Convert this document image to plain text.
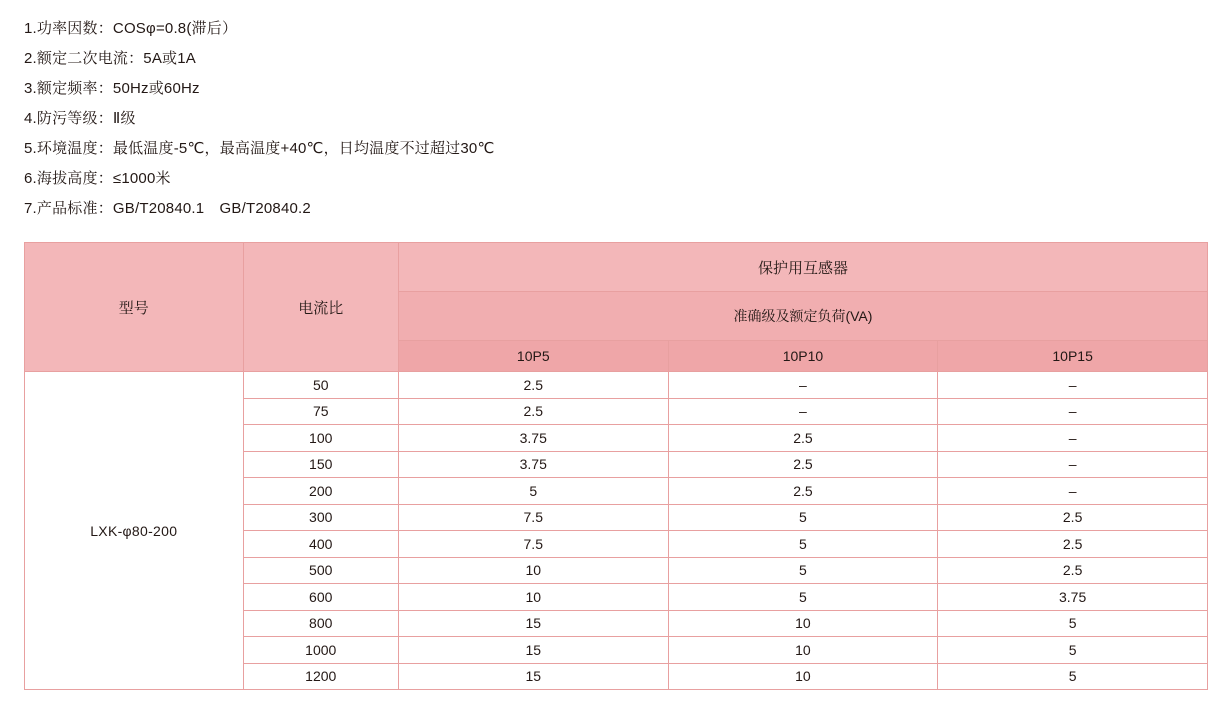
1.功率因数：COSφ=0.8(滞后）
2.额定二次电流：5A或1A
3.额定频率：50Hz或60Hz
4.防污等级：Ⅱ级
5.环境温度：最低温度-5℃，最高温度+40℃，日均温度不过超过30℃
6.海拔高度：≤1000米
7.产品标准：GB/T20840.1　GB/T20840.2
型号	电流比	保护用互感器		
		准确级及额定负荷(VA)		
		10P5	10P10	10P15
LXK-φ80-200	50	2.5	–	–
	75	2.5	–	–
	100	3.75	2.5	–
	150	3.75	2.5	–
	200	5	2.5	–
	300	7.5	5	2.5
	400	7.5	5	2.5
	500	10	5	2.5
	600	10	5	3.75
	800	15	10	5
	1000	15	10	5
	1200	15	10	5
